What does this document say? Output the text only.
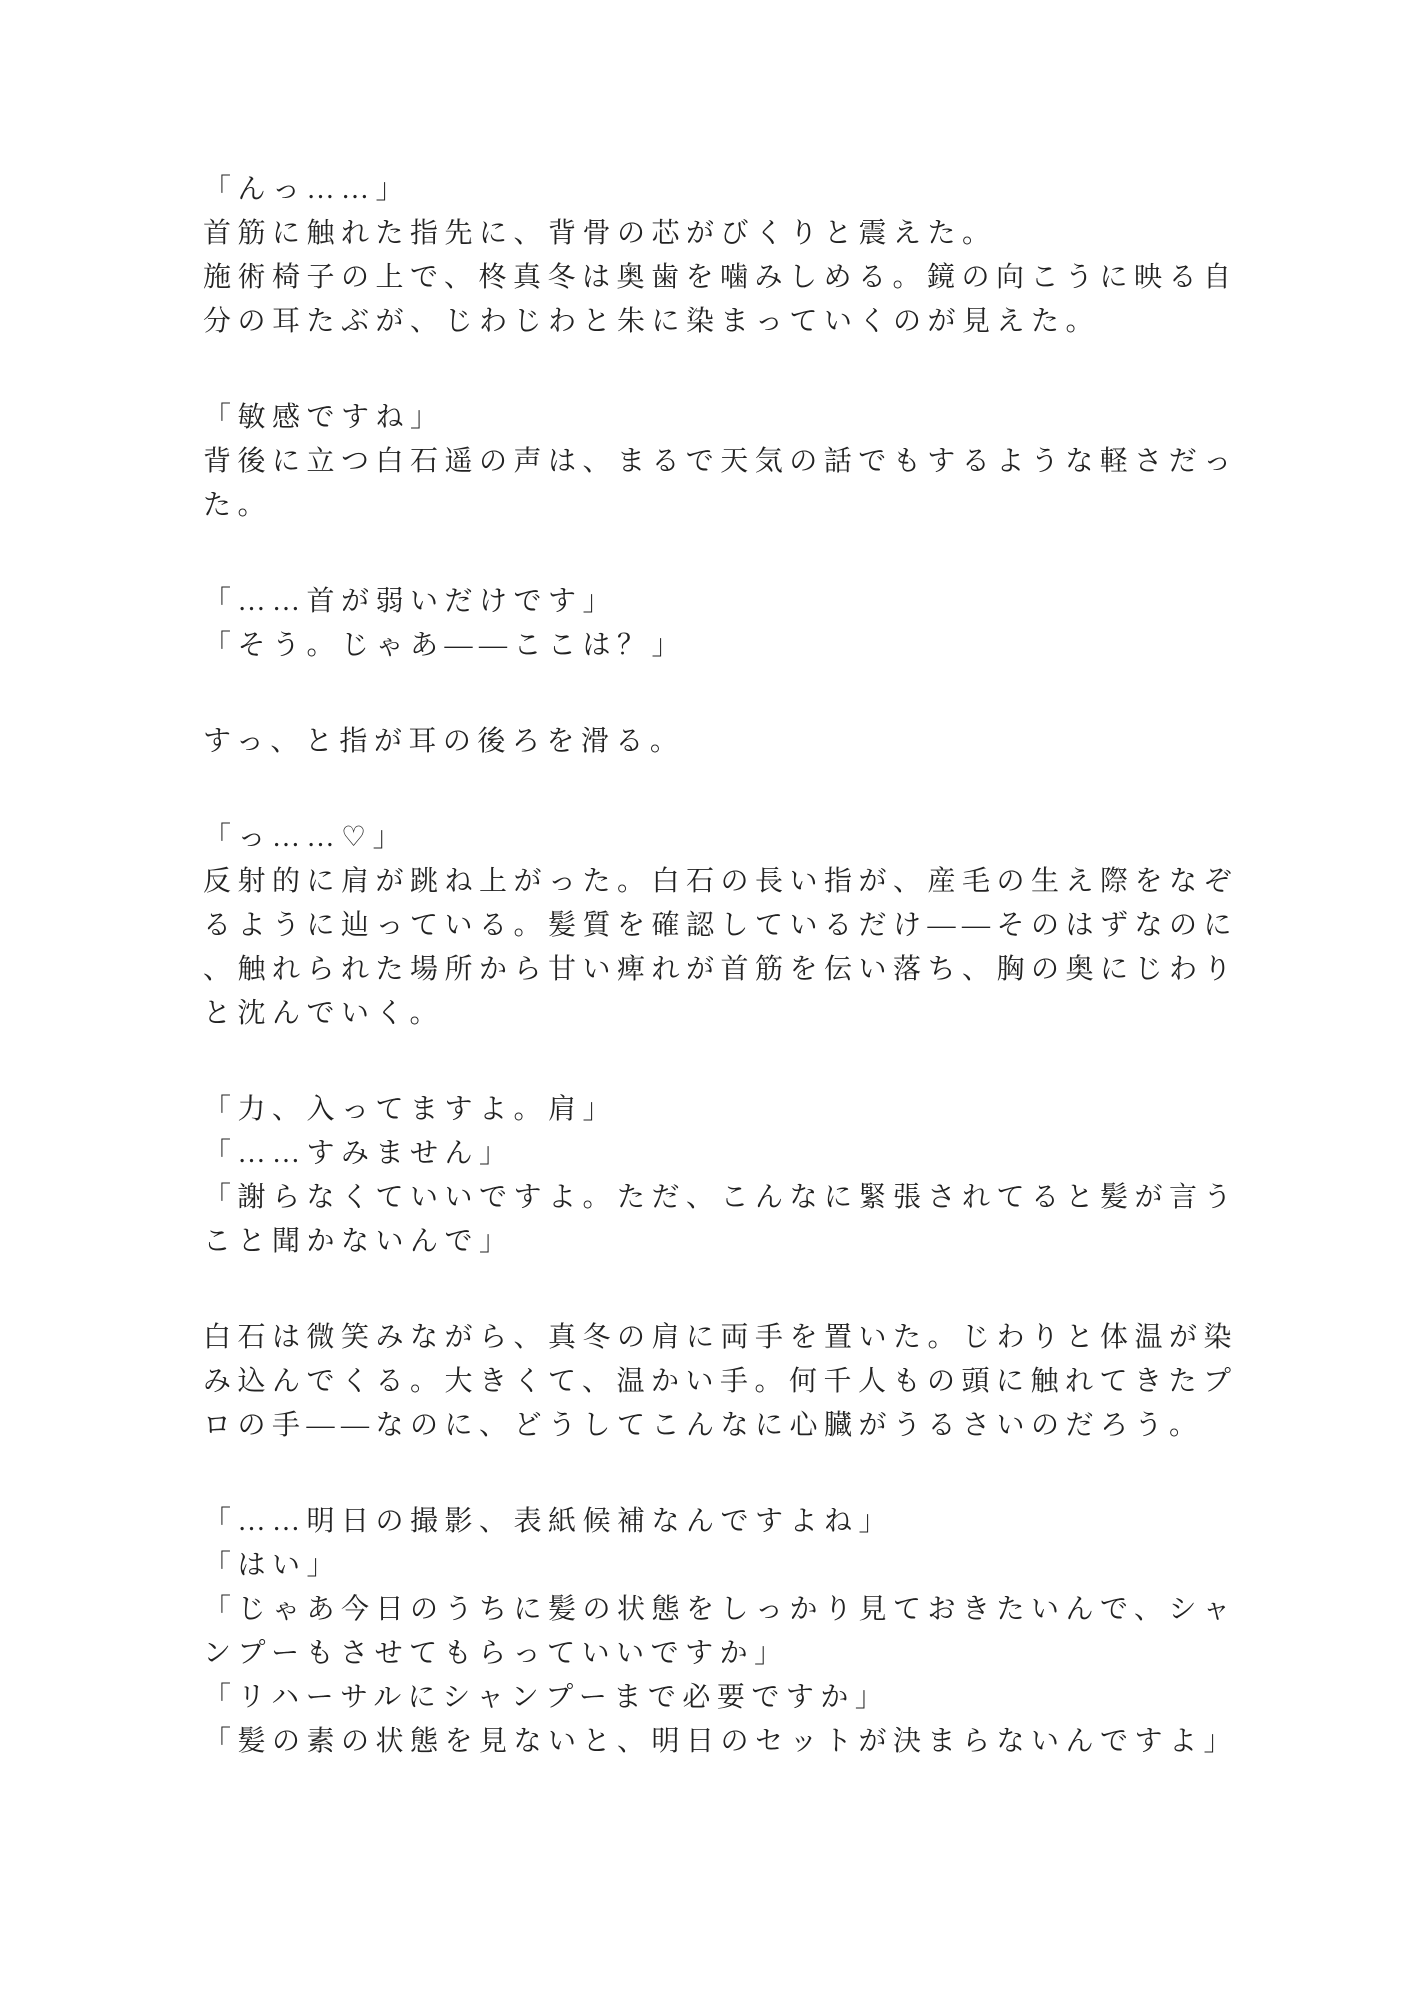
「んっ……」
首筋に触れた指先に、背骨の芯がびくりと震えた。
施術椅子の上で、柊真冬は奥歯を噛みしめる。鏡の向こうに映る自
分の耳たぶが、じわじわと朱に染まっていくのが見えた。
「敏感ですね」
背後に立つ白石遥の声は、まるで天気の話でもするような軽さだっ
た。
「……首が弱いだけです」
「そう。じゃあ——ここは？」
すっ、と指が耳の後ろを滑る。
「っ……♡」
反射的に肩が跳ね上がった。白石の長い指が、産毛の生え際をなぞ
るように辿っている。髪質を確認しているだけ——そのはずなのに
、触れられた場所から甘い痺れが首筋を伝い落ち、胸の奥にじわり
と沈んでいく。
「力、入ってますよ。肩」
「……すみません」
「謝らなくていいですよ。ただ、こんなに緊張されてると髪が言う
こと聞かないんで」
白石は微笑みながら、真冬の肩に両手を置いた。じわりと体温が染
み込んでくる。大きくて、温かい手。何千人もの頭に触れてきたプ
ロの手——なのに、どうしてこんなに心臓がうるさいのだろう。
「……明日の撮影、表紙候補なんですよね」
「はい」
「じゃあ今日のうちに髪の状態をしっかり見ておきたいんで、シャ
ンプーもさせてもらっていいですか」
「リハーサルにシャンプーまで必要ですか」
「髪の素の状態を見ないと、明日のセットが決まらないんですよ」
